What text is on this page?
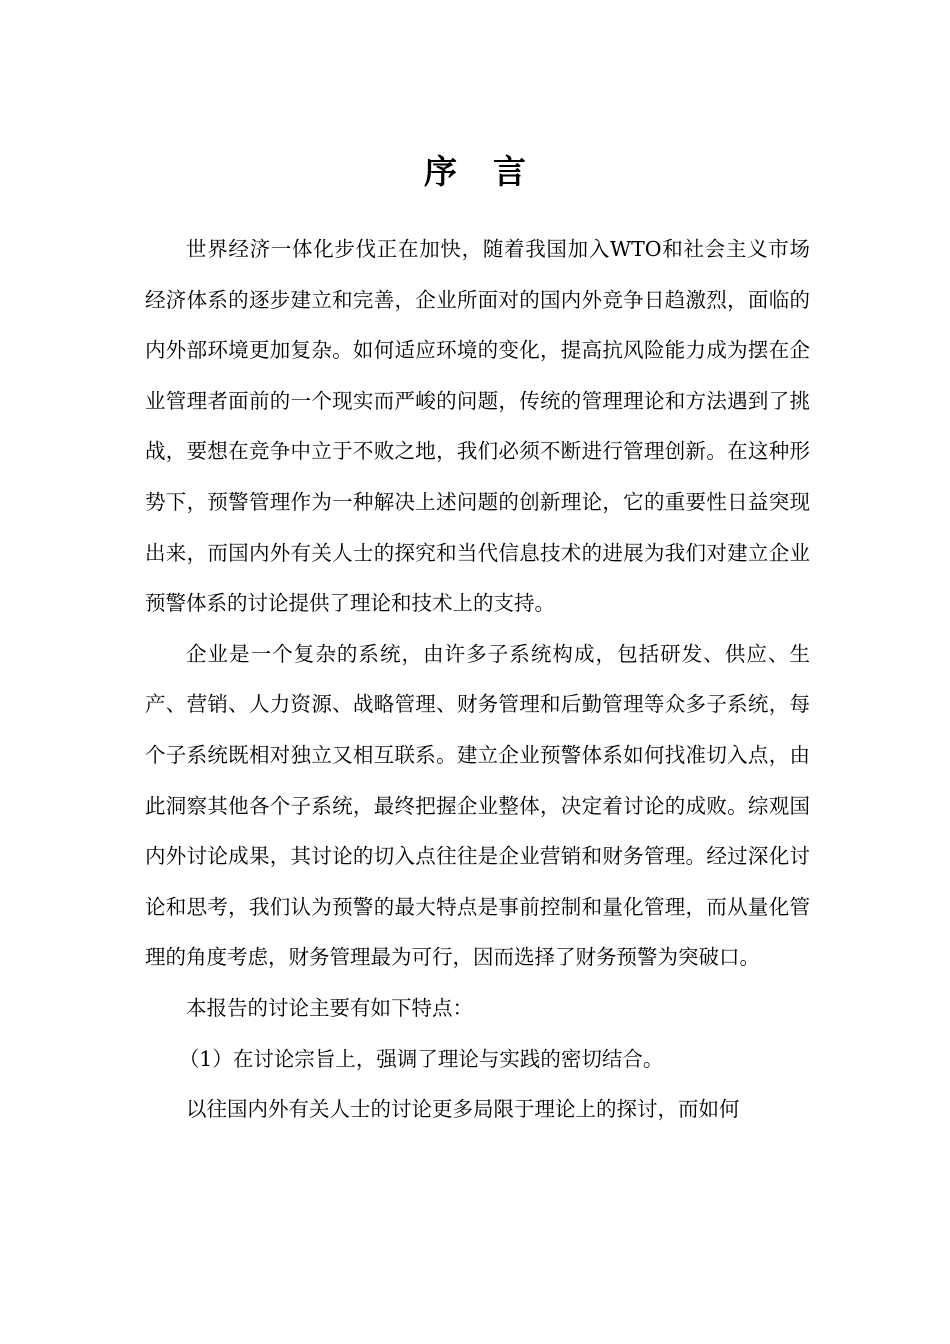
序言

世界经济一体化步伐正在加快，随着我国加入WTO和社会主义市场经济体系的逐步建立和完善，企业所面对的国内外竞争日趋激烈，面临的内外部环境更加复杂。如何适应环境的变化，提高抗风险能力成为摆在企业管理者面前的一个现实而严峻的问题，传统的管理理论和方法遇到了挑战，要想在竞争中立于不败之地，我们必须不断进行管理创新。在这种形势下，预警管理作为一种解决上述问题的创新理论，它的重要性日益突现出来，而国内外有关人士的探究和当代信息技术的进展为我们对建立企业预警体系的讨论提供了理论和技术上的支持。

企业是一个复杂的系统，由许多子系统构成，包括研发、供应、生产、营销、人力资源、战略管理、财务管理和后勤管理等众多子系统，每个子系统既相对独立又相互联系。建立企业预警体系如何找准切入点，由此洞察其他各个子系统，最终把握企业整体，决定着讨论的成败。综观国内外讨论成果，其讨论的切入点往往是企业营销和财务管理。经过深化讨论和思考，我们认为预警的最大特点是事前控制和量化管理，而从量化管理的角度考虑，财务管理最为可行，因而选择了财务预警为突破口。

本报告的讨论主要有如下特点：

（1）在讨论宗旨上，强调了理论与实践的密切结合。

以往国内外有关人士的讨论更多局限于理论上的探讨，而如何
